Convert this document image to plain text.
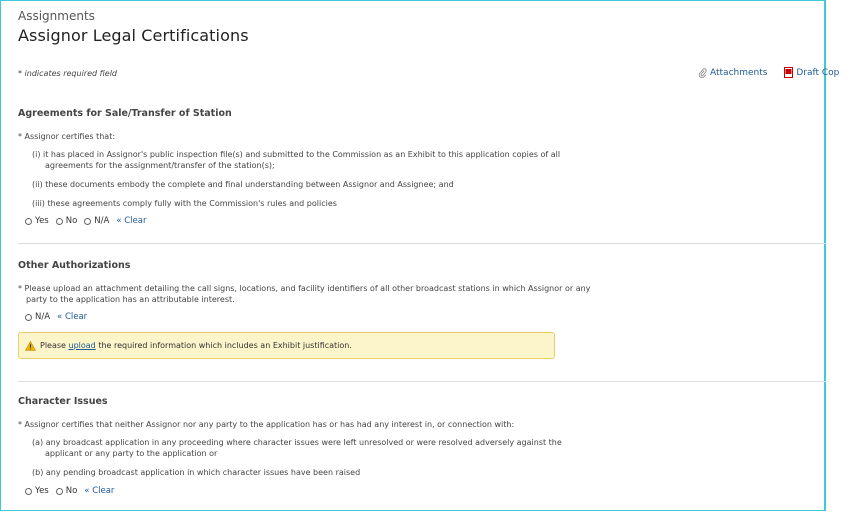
Assignments
Assignor Legal Certifications
* indicates required field	Attachments
	Draft Cop
Agreements for Sale/Transfer of Station
* Assignor certifies that:
(i) it has placed in Assignor's public inspection file(s) and submitted to the Commission as an Exhibit to this application copies of all
agreements for the assignment/transfer of the station(s);
(ii) these documents embody the complete and final understanding between Assignor and Assignee; and
(iii) these agreements comply fully with the Commission's rules and policies
Yes No N/A « Clear
Other Authorizations
* Please upload an attachment detailing the call signs, locations, and facility identifiers of all other broadcast stations in which Assignor or any
party to the application has an attributable interest.
N/A « Clear
Please
upload
the required information which includes an Exhibit justification.
Character Issues
* Assignor certifies that neither Assignor nor any party to the application has or has had any interest in, or connection with:
(a) any broadcast application in any proceeding where character issues were left unresolved or were resolved adversely against the
applicant or any party to the application or
(b) any pending broadcast application in which character issues have been raised
Yes No « Clear
